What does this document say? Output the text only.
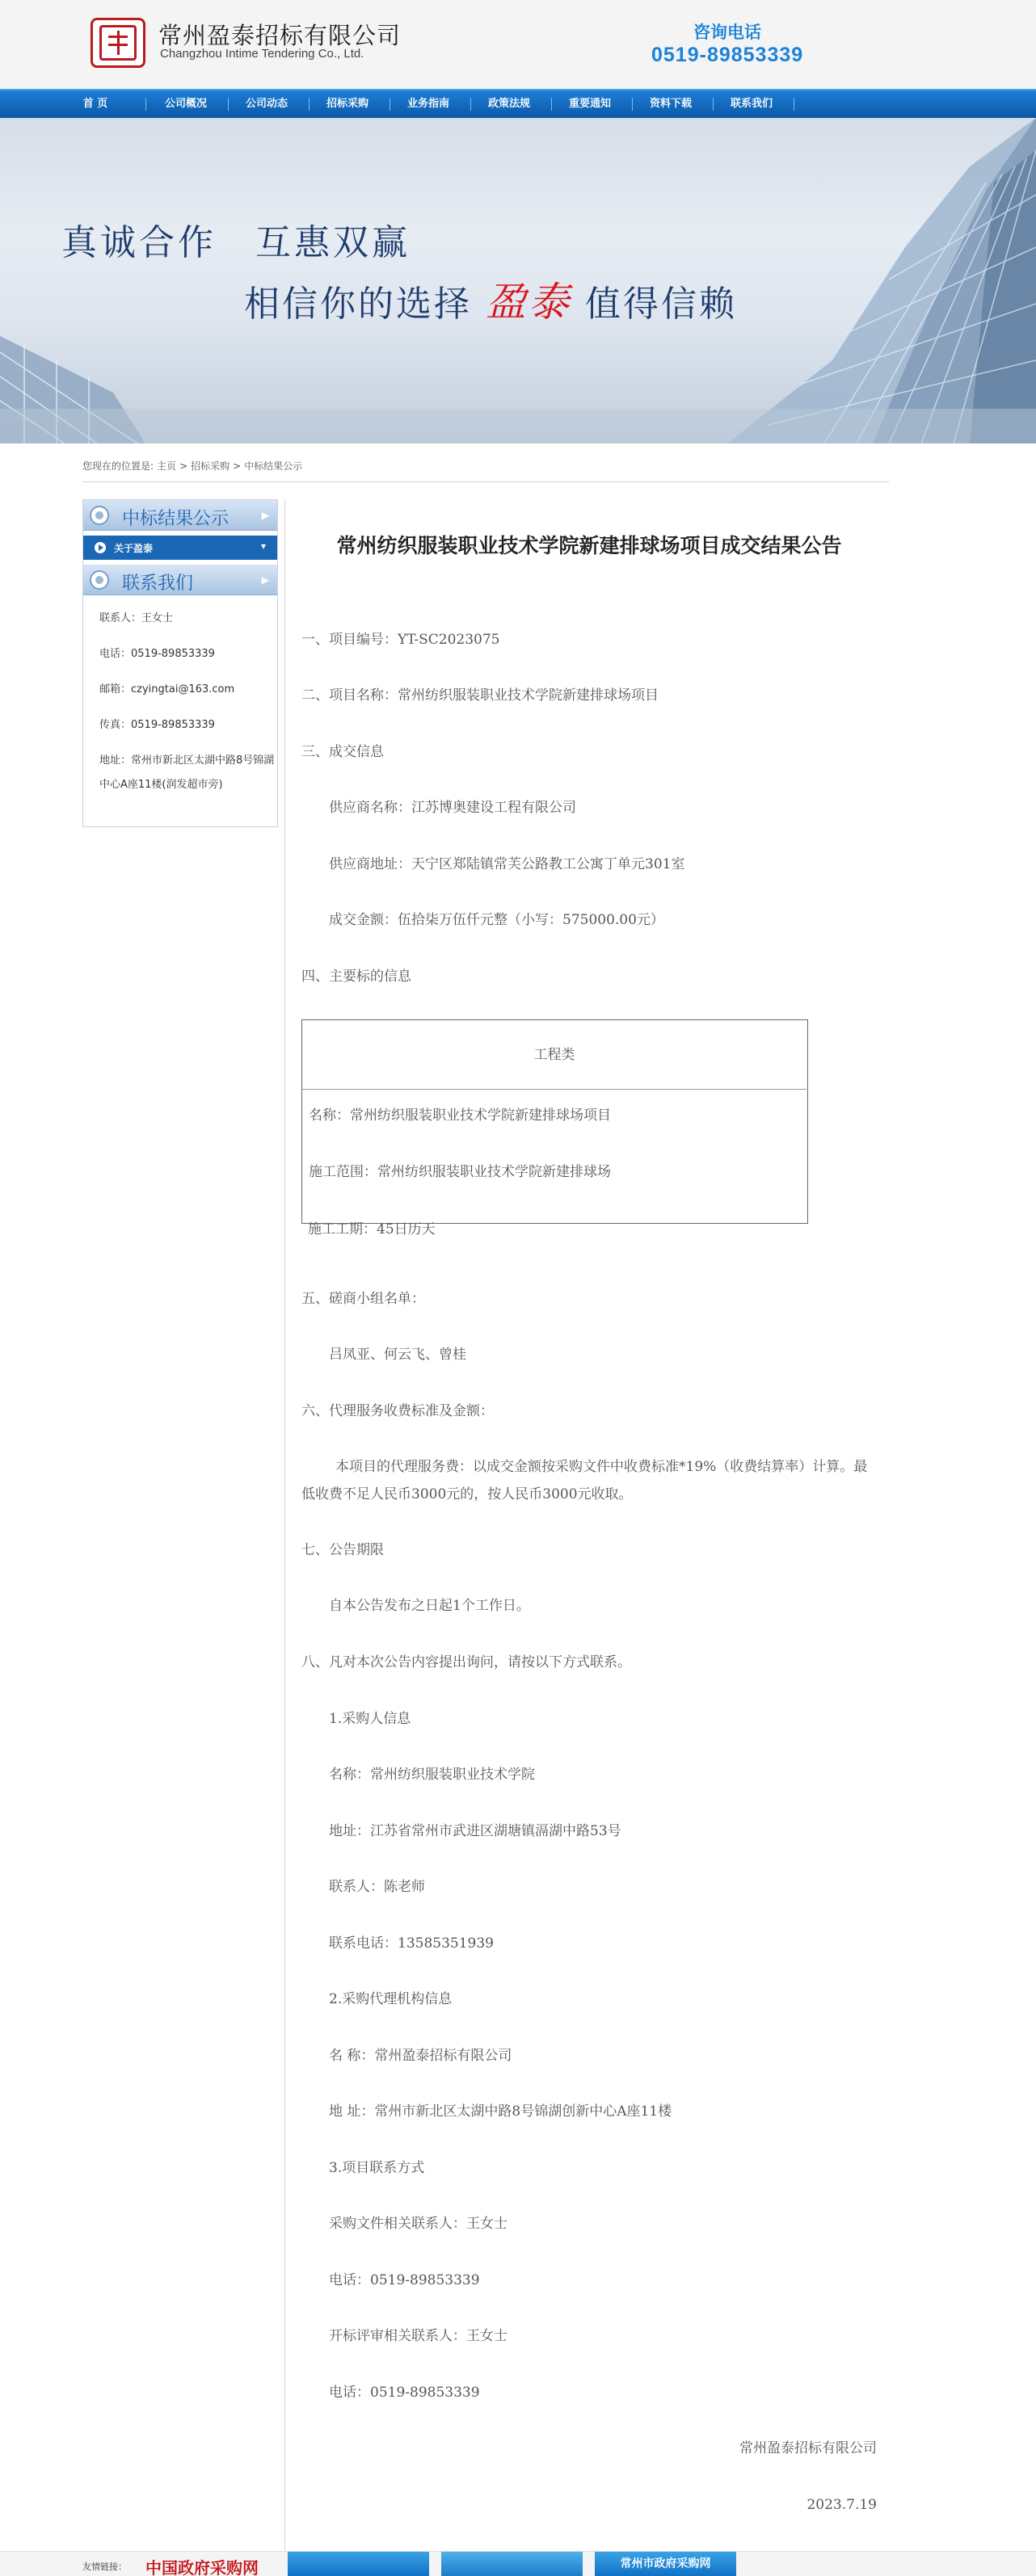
常州盈泰招标有限公司
Changzhou Intime Tendering Co., Ltd.
咨询电话
0519-89853339
首 页	公司概况	公司动态	招标采购	业务指南	政策法规	重要通知	资料下载	联系我们
真诚合作　互惠双赢
相信你的选择 盈泰 值得信赖
您现在的位置是: 主页 > 招标采购 > 中标结果公示
中标结果公示	▶
关于盈泰	▾
联系我们	▶
联系人：王女士
电话：0519-89853339
邮箱：czyingtai@163.com
传真：0519-89853339
地址：常州市新北区太湖中路8号锦湖中心A座11楼(润发超市旁)
常州纺织服装职业技术学院新建排球场项目成交结果公告
一、项目编号：YT-SC2023075
二、项目名称：常州纺织服装职业技术学院新建排球场项目
三、成交信息
供应商名称：江苏博奥建设工程有限公司
供应商地址：天宁区郑陆镇常芙公路教工公寓丁单元301室
成交金额：伍拾柒万伍仟元整（小写：575000.00元）
四、主要标的信息
工程类
名称：常州纺织服装职业技术学院新建排球场项目
施工范围：常州纺织服装职业技术学院新建排球场
施工工期：45日历天
五、磋商小组名单：
吕凤亚、何云飞、曾桂
六、代理服务收费标准及金额：
本项目的代理服务费：以成交金额按采购文件中收费标准*19%（收费结算率）计算。最低收费不足人民币3000元的，按人民币3000元收取。
七、公告期限
自本公告发布之日起1个工作日。
八、凡对本次公告内容提出询问，请按以下方式联系。
1.采购人信息
名称：常州纺织服装职业技术学院
地址：江苏省常州市武进区湖塘镇滆湖中路53号
联系人：陈老师
联系电话：13585351939
2.采购代理机构信息
名 称：常州盈泰招标有限公司
地 址：常州市新北区太湖中路8号锦湖创新中心A座11楼
3.项目联系方式
采购文件相关联系人：王女士
电话：0519-89853339
开标评审相关联系人：王女士
电话：0519-89853339
常州盈泰招标有限公司
2023.7.19
友情链接： 中国政府采购网	常州市政府采购网
